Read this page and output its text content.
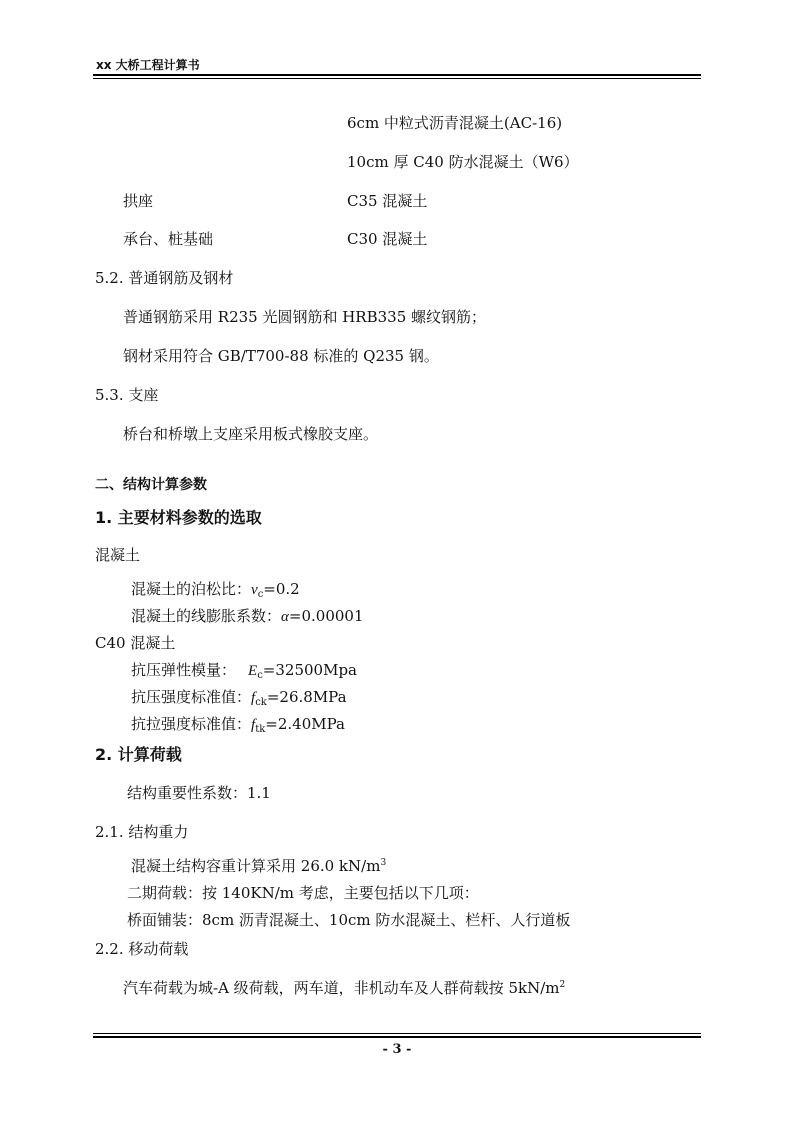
xx 大桥工程计算书
6cm 中粒式沥青混凝土(AC-16)
10cm 厚 C40 防水混凝土（W6）
拱座	C35 混凝土
承台、桩基础	C30 混凝土
5.2. 普通钢筋及钢材
普通钢筋采用 R235 光圆钢筋和 HRB335 螺纹钢筋；
钢材采用符合 GB/T700-88 标准的 Q235 钢。
5.3. 支座
桥台和桥墩上支座采用板式橡胶支座。
二、结构计算参数
1. 主要材料参数的选取
混凝土
混凝土的泊松比：$\nu_c=0.2$
混凝土的线膨胀系数：α=0.00001
C40 混凝土
抗压弹性模量： $E_c=32500Mpa$
抗压强度标准值：$f_{ck}=26.8MPa$
抗拉强度标准值：$f_{tk}=2.40MPa$
2. 计算荷载
结构重要性系数：1.1
2.1. 结构重力
混凝土结构容重计算采用 26.0 $kN/m^3$
二期荷载：按 140KN/m 考虑，主要包括以下几项：
桥面铺装：8cm 沥青混凝土、10cm 防水混凝土、栏杆、人行道板
2.2. 移动荷载
汽车荷载为城-A 级荷载，两车道，非机动车及人群荷载按 $5kN/m^2$
- 3 -
